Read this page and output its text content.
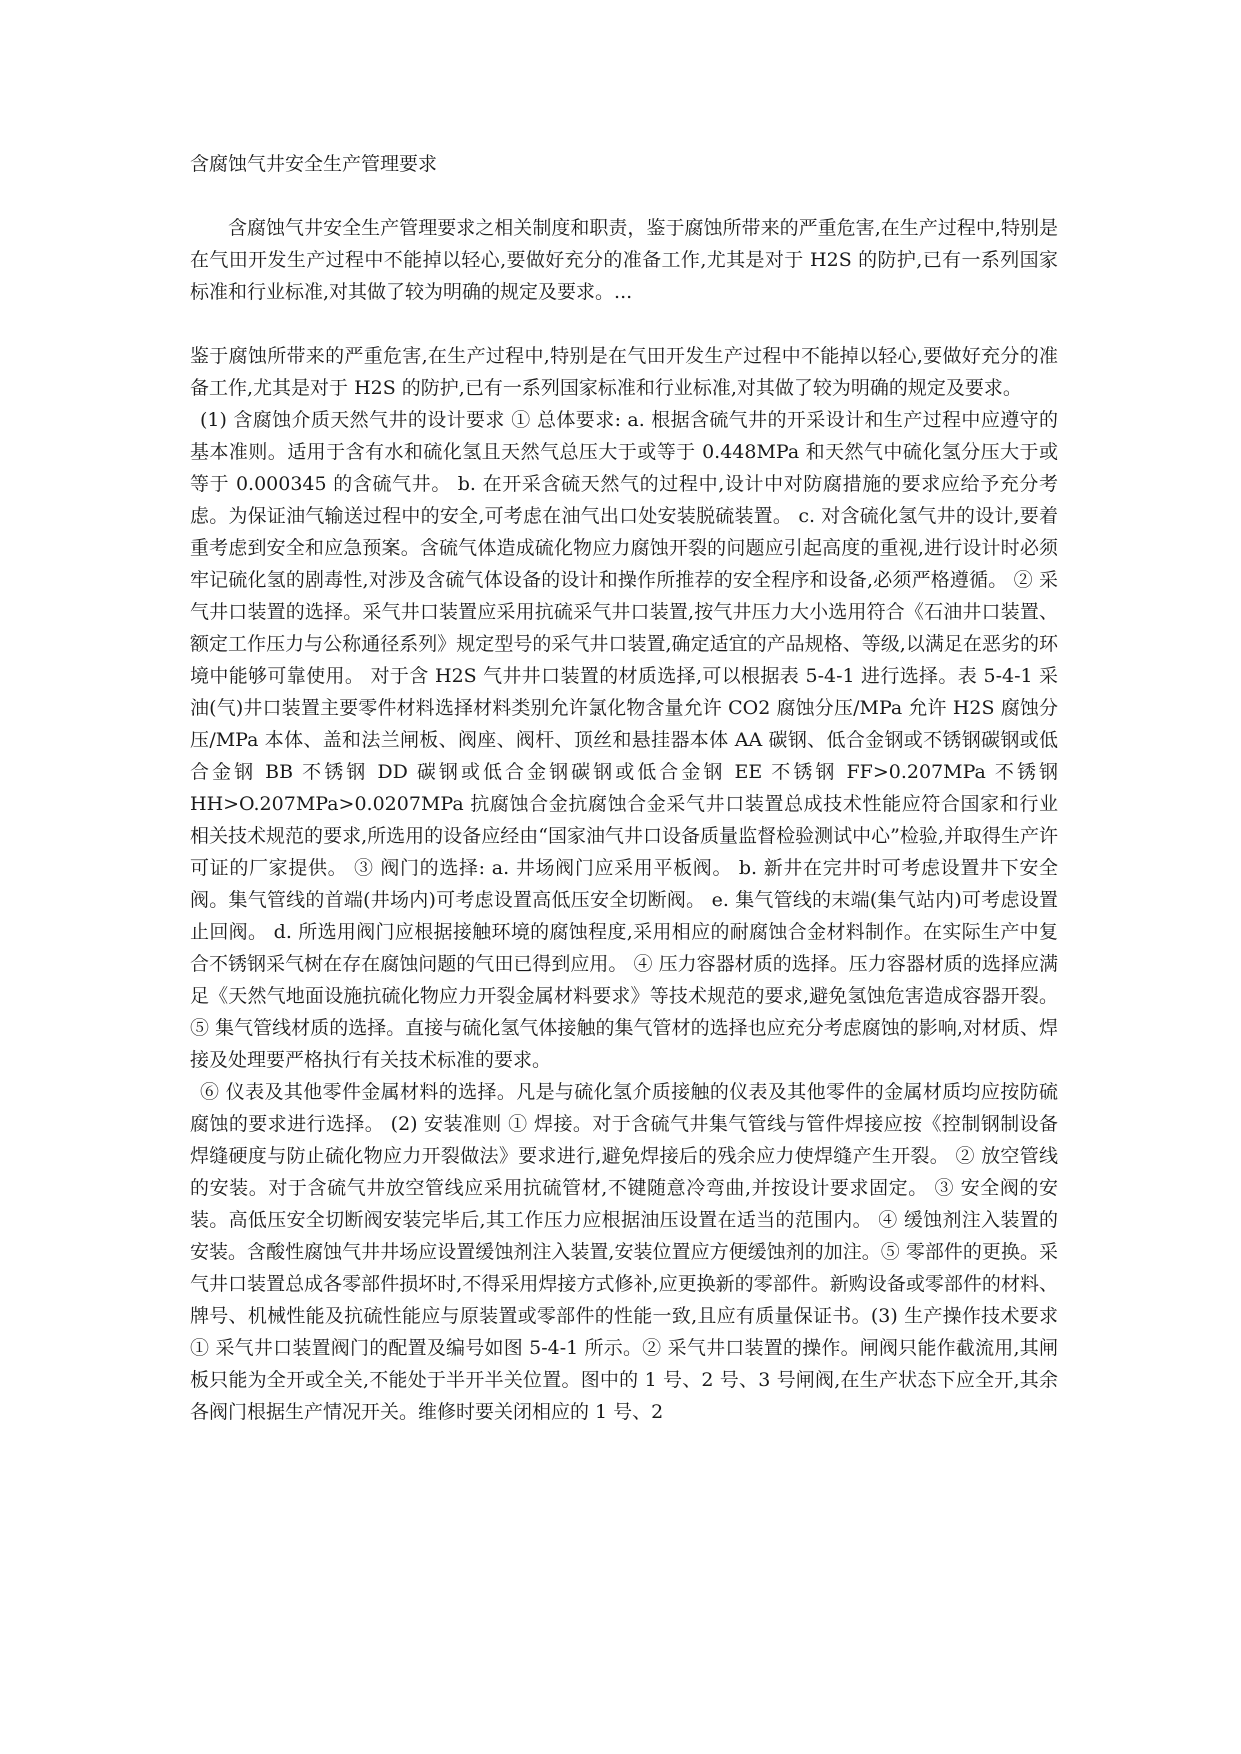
含腐蚀气井安全生产管理要求

含腐蚀气井安全生产管理要求之相关制度和职责，鉴于腐蚀所带来的严重危害,在生产过程中,特别是在气田开发生产过程中不能掉以轻心,要做好充分的准备工作,尤其是对于 H2S 的防护,已有一系列国家标准和行业标准,对其做了较为明确的规定及要求。...

鉴于腐蚀所带来的严重危害,在生产过程中,特别是在气田开发生产过程中不能掉以轻心,要做好充分的准备工作,尤其是对于 H2S 的防护,已有一系列国家标准和行业标准,对其做了较为明确的规定及要求。

(1) 含腐蚀介质天然气井的设计要求 ① 总体要求: a. 根据含硫气井的开采设计和生产过程中应遵守的基本准则。适用于含有水和硫化氢且天然气总压大于或等于 0.448MPa 和天然气中硫化氢分压大于或等于 0.000345 的含硫气井。 b. 在开采含硫天然气的过程中,设计中对防腐措施的要求应给予充分考虑。为保证油气输送过程中的安全,可考虑在油气出口处安装脱硫装置。 c. 对含硫化氢气井的设计,要着重考虑到安全和应急预案。含硫气体造成硫化物应力腐蚀开裂的问题应引起高度的重视,进行设计时必须牢记硫化氢的剧毒性,对涉及含硫气体设备的设计和操作所推荐的安全程序和设备,必须严格遵循。 ② 采气井口装置的选择。采气井口装置应采用抗硫采气井口装置,按气井压力大小选用符合《石油井口装置、额定工作压力与公称通径系列》规定型号的采气井口装置,确定适宜的产品规格、等级,以满足在恶劣的环境中能够可靠使用。 对于含 H2S 气井井口装置的材质选择,可以根据表 5-4-1 进行选择。表 5-4-1 采油(气)井口装置主要零件材料选择材料类别允许氯化物含量允许 CO2 腐蚀分压/MPa 允许 H2S 腐蚀分压/MPa 本体、盖和法兰闸板、阀座、阀杆、顶丝和悬挂器本体 AA 碳钢、低合金钢或不锈钢碳钢或低合金钢 BB 不锈钢 DD 碳钢或低合金钢碳钢或低合金钢 EE 不锈钢 FF>0.207MPa 不锈钢 HH>O.207MPa>0.0207MPa 抗腐蚀合金抗腐蚀合金采气井口装置总成技术性能应符合国家和行业相关技术规范的要求,所选用的设备应经由“国家油气井口设备质量监督检验测试中心”检验,并取得生产许可证的厂家提供。 ③ 阀门的选择: a. 井场阀门应采用平板阀。 b. 新井在完井时可考虑设置井下安全阀。集气管线的首端(井场内)可考虑设置高低压安全切断阀。 e. 集气管线的末端(集气站内)可考虑设置止回阀。 d. 所选用阀门应根据接触环境的腐蚀程度,采用相应的耐腐蚀合金材料制作。在实际生产中复合不锈钢采气树在存在腐蚀问题的气田已得到应用。 ④ 压力容器材质的选择。压力容器材质的选择应满足《天然气地面设施抗硫化物应力开裂金属材料要求》等技术规范的要求,避免氢蚀危害造成容器开裂。 ⑤ 集气管线材质的选择。直接与硫化氢气体接触的集气管材的选择也应充分考虑腐蚀的影响,对材质、焊接及处理要严格执行有关技术标准的要求。

⑥ 仪表及其他零件金属材料的选择。凡是与硫化氢介质接触的仪表及其他零件的金属材质均应按防硫腐蚀的要求进行选择。 (2) 安装准则 ① 焊接。对于含硫气井集气管线与管件焊接应按《控制钢制设备焊缝硬度与防止硫化物应力开裂做法》要求进行,避免焊接后的残余应力使焊缝产生开裂。 ② 放空管线的安装。对于含硫气井放空管线应采用抗硫管材,不键随意冷弯曲,并按设计要求固定。 ③ 安全阀的安装。高低压安全切断阀安装完毕后,其工作压力应根据油压设置在适当的范围内。 ④ 缓蚀剂注入装置的安装。含酸性腐蚀气井井场应设置缓蚀剂注入装置,安装位置应方便缓蚀剂的加注。⑤ 零部件的更换。采气井口装置总成各零部件损坏时,不得采用焊接方式修补,应更换新的零部件。新购设备或零部件的材料、牌号、机械性能及抗硫性能应与原装置或零部件的性能一致,且应有质量保证书。(3) 生产操作技术要求① 采气井口装置阀门的配置及编号如图 5-4-1 所示。② 采气井口装置的操作。闸阀只能作截流用,其闸板只能为全开或全关,不能处于半开半关位置。图中的 1 号、2 号、3 号闸阀,在生产状态下应全开,其余各阀门根据生产情况开关。维修时要关闭相应的 1 号、2
